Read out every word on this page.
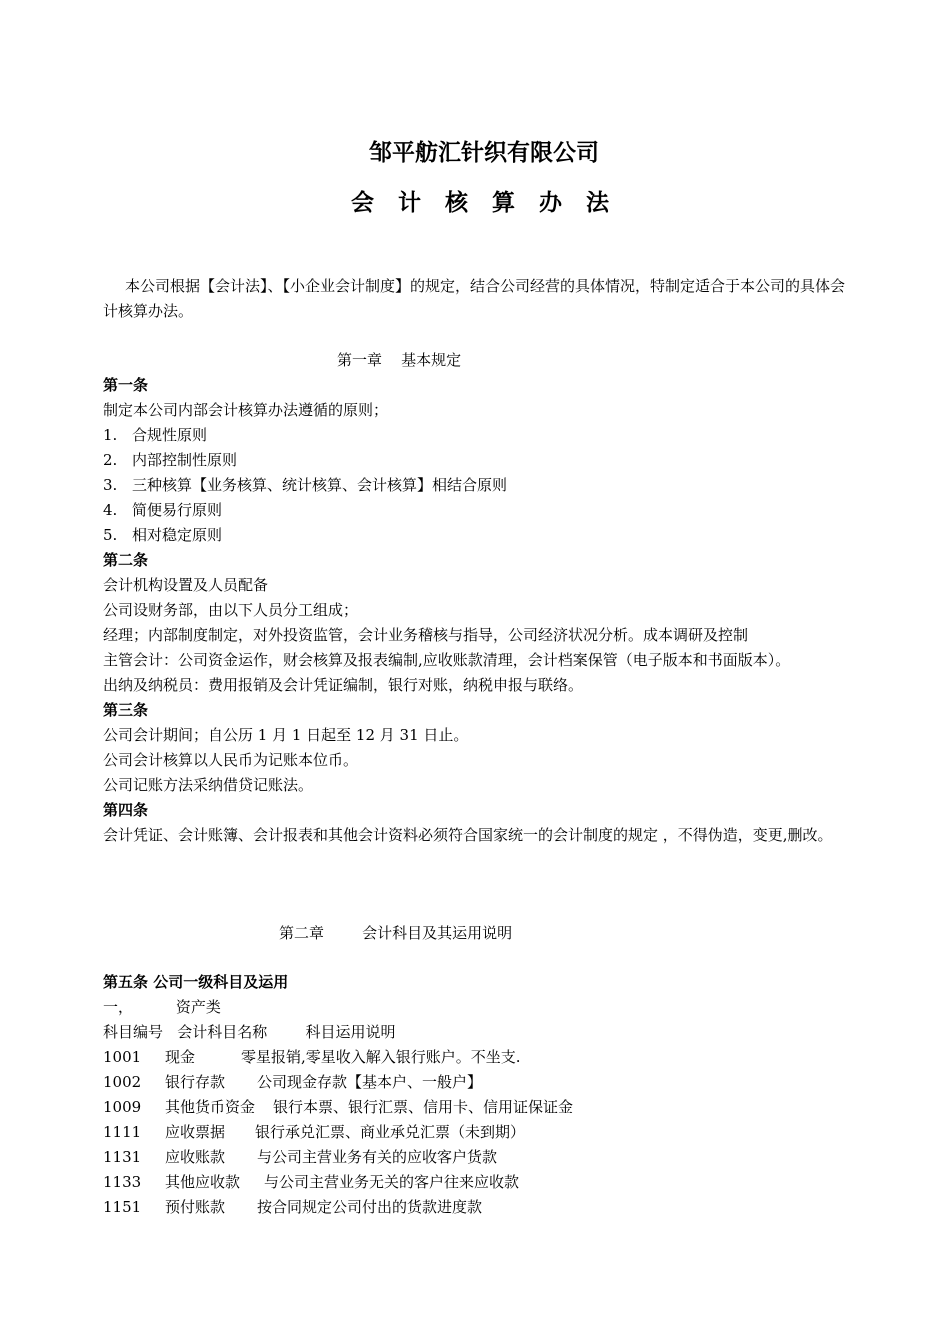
邹平舫汇针织有限公司
会 计 核 算 办 法
本公司根据【会计法】、【小企业会计制度】的规定，结合公司经营的具体情况，特制定适合于本公司的具体会计核算办法。
第一章    基本规定
第一条
制定本公司内部会计核算办法遵循的原则；
1. 合规性原则
2. 内部控制性原则
3. 三种核算【业务核算、统计核算、会计核算】相结合原则
4. 简便易行原则
5. 相对稳定原则
第二条
会计机构设置及人员配备
公司设财务部，由以下人员分工组成；
经理；内部制度制定，对外投资监管，会计业务稽核与指导，公司经济状况分析。成本调研及控制
主管会计：公司资金运作，财会核算及报表编制,应收账款清理，会计档案保管（电子版本和书面版本）。
出纳及纳税员：费用报销及会计凭证编制，银行对账，纳税申报与联络。
第三条
公司会计期间；自公历 1 月 1 日起至 12 月 31 日止。
公司会计核算以人民币为记账本位币。
公司记账方法采纳借贷记账法。
第四条
会计凭证、会计账簿、会计报表和其他会计资料必须符合国家统一的会计制度的规定 ，不得伪造，变更,删改。
第二章        会计科目及其运用说明
第五条 公司一级科目及运用
一，         资产类
科目编号   会计科目名称        科目运用说明
1001 现金	零星报销,零星收入解入银行账户。不坐支.
1002 银行存款 公司现金存款【基本户、一般户】
1009 其他货币资金 银行本票、银行汇票、信用卡、信用证保证金
1111 应收票据 银行承兑汇票、商业承兑汇票（未到期）
1131 应收账款 与公司主营业务有关的应收客户货款
1133 其他应收款 与公司主营业务无关的客户往来应收款
1151 预付账款 按合同规定公司付出的货款进度款
